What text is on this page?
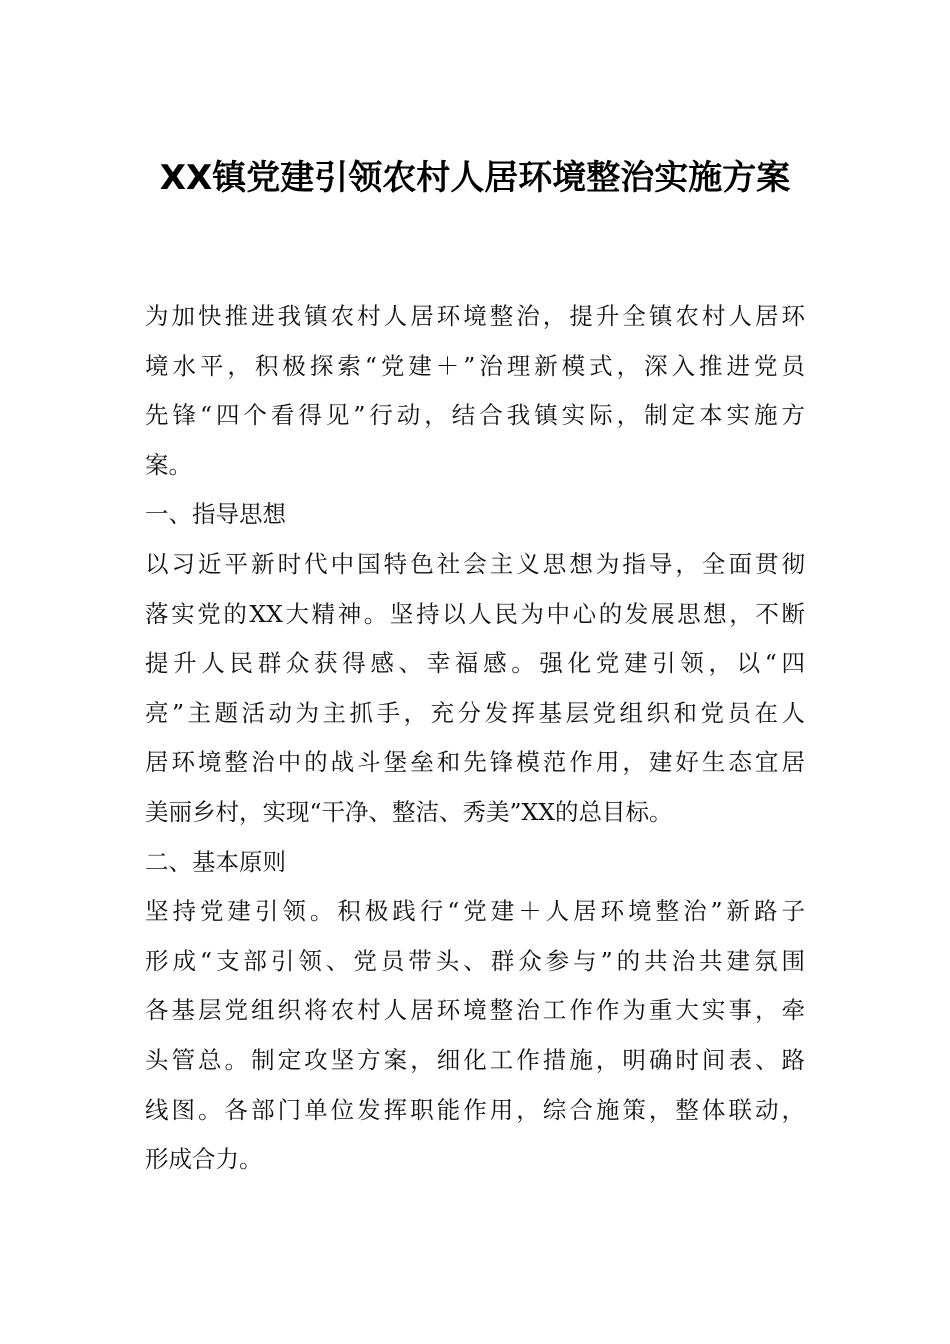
XX镇党建引领农村人居环境整治实施方案
为加快推进我镇农村人居环境整治，提升全镇农村人居环
境水平，积极探索“党建＋”治理新模式，深入推进党员
先锋“四个看得见”行动，结合我镇实际，制定本实施方
案。
一、指导思想
以习近平新时代中国特色社会主义思想为指导，全面贯彻
落实党的XX大精神。坚持以人民为中心的发展思想，不断
提升人民群众获得感、幸福感。强化党建引领，以“四
亮”主题活动为主抓手，充分发挥基层党组织和党员在人
居环境整治中的战斗堡垒和先锋模范作用，建好生态宜居
美丽乡村，实现“干净、整洁、秀美”XX的总目标。
二、基本原则
坚持党建引领。积极践行“党建＋人居环境整治”新路子
形成“支部引领、党员带头、群众参与”的共治共建氛围
各基层党组织将农村人居环境整治工作作为重大实事，牵
头管总。制定攻坚方案，细化工作措施，明确时间表、路
线图。各部门单位发挥职能作用，综合施策，整体联动，
形成合力。
